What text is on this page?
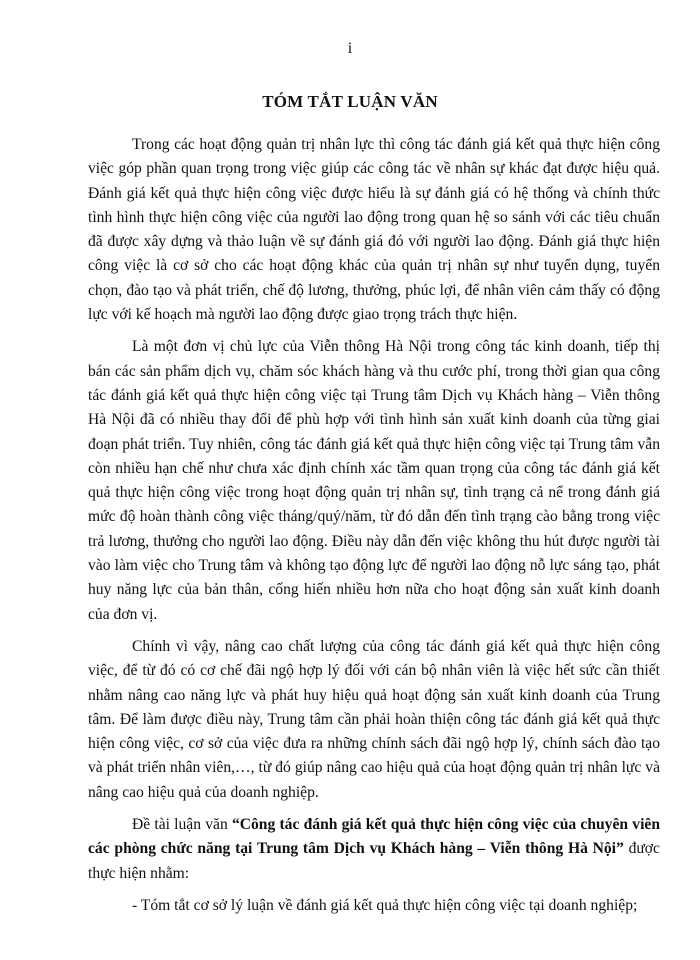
i
TÓM TẮT LUẬN VĂN

Trong các hoạt động quản trị nhân lực thì công tác đánh giá kết quả thực hiện công việc góp phần quan trọng trong việc giúp các công tác về nhân sự khác đạt được hiệu quả. Đánh giá kết quả thực hiện công việc được hiểu là sự đánh giá có hệ thống và chính thức tình hình thực hiện công việc của người lao động trong quan hệ so sánh với các tiêu chuẩn đã được xây dựng và thảo luận về sự đánh giá đó với người lao động. Đánh giá thực hiện công việc là cơ sở cho các hoạt động khác của quản trị nhân sự như tuyển dụng, tuyển chọn, đào tạo và phát triển, chế độ lương, thưởng, phúc lợi, để nhân viên cảm thấy có động lực với kế hoạch mà người lao động được giao trọng trách thực hiện.

Là một đơn vị chủ lực của Viễn thông Hà Nội trong công tác kinh doanh, tiếp thị bán các sản phẩm dịch vụ, chăm sóc khách hàng và thu cước phí, trong thời gian qua công tác đánh giá kết quả thực hiện công việc tại Trung tâm Dịch vụ Khách hàng – Viễn thông Hà Nội đã có nhiều thay đổi để phù hợp với tình hình sản xuất kinh doanh của từng giai đoạn phát triển. Tuy nhiên, công tác đánh giá kết quả thực hiện công việc tại Trung tâm vẫn còn nhiều hạn chế như chưa xác định chính xác tầm quan trọng của công tác đánh giá kết quả thực hiện công việc trong hoạt động quản trị nhân sự, tình trạng cả nể trong đánh giá mức độ hoàn thành công việc tháng/quý/năm, từ đó dẫn đến tình trạng cào bằng trong việc trả lương, thưởng cho người lao động. Điều này dẫn đến việc không thu hút được người tài vào làm việc cho Trung tâm và không tạo động lực để người lao động nỗ lực sáng tạo, phát huy năng lực của bản thân, cống hiến nhiều hơn nữa cho hoạt động sản xuất kinh doanh của đơn vị.

Chính vì vậy, nâng cao chất lượng của công tác đánh giá kết quả thực hiện công việc, để từ đó có cơ chế đãi ngộ hợp lý đối với cán bộ nhân viên là việc hết sức cần thiết nhằm nâng cao năng lực và phát huy hiệu quả hoạt động sản xuất kinh doanh của Trung tâm. Để làm được điều này, Trung tâm cần phải hoàn thiện công tác đánh giá kết quả thực hiện công việc, cơ sở của việc đưa ra những chính sách đãi ngộ hợp lý, chính sách đào tạo và phát triển nhân viên,…, từ đó giúp nâng cao hiệu quả của hoạt động quản trị nhân lực và nâng cao hiệu quả của doanh nghiệp.

Đề tài luận văn “Công tác đánh giá kết quả thực hiện công việc của chuyên viên các phòng chức năng tại Trung tâm Dịch vụ Khách hàng – Viễn thông Hà Nội” được thực hiện nhằm:

- Tóm tắt cơ sở lý luận về đánh giá kết quả thực hiện công việc tại doanh nghiệp;
